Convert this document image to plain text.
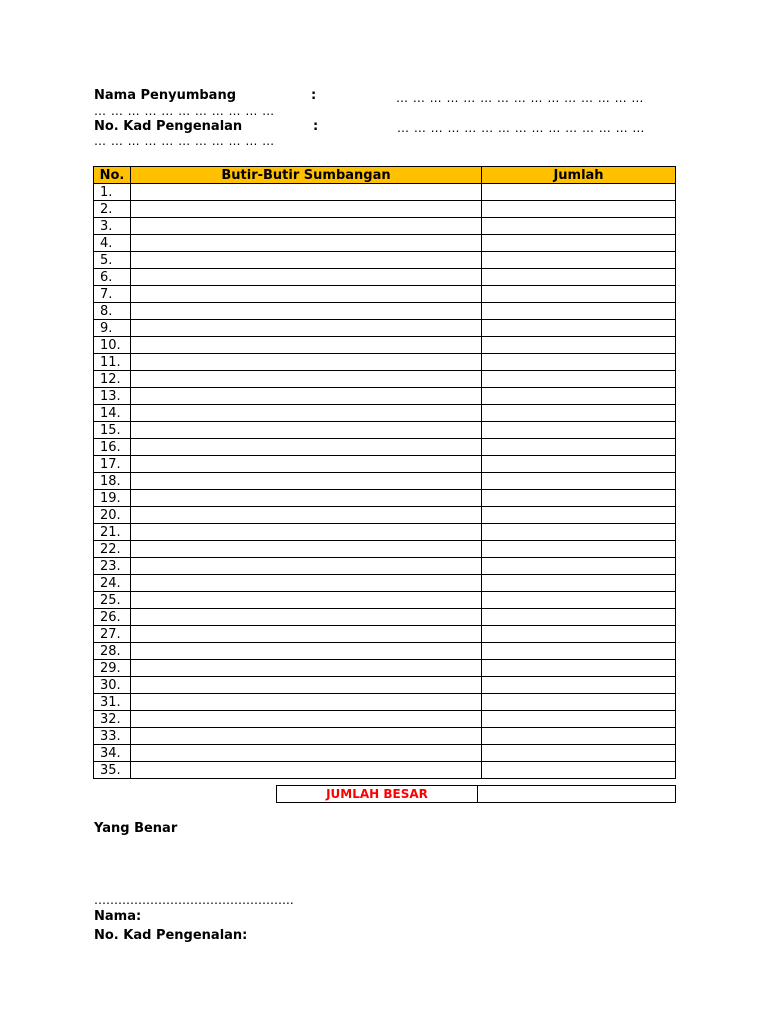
Nama Penyumbang	:	… … … … … … … … … … … … … … …
… … … … … … … … … … …
No. Kad Pengenalan	:	… … … … … … … … … … … … … … …
… … … … … … … … … … …
No.	Butir-Butir Sumbangan	Jumlah
1.		
2.		
3.		
4.		
5.		
6.		
7.		
8.		
9.		
10.		
11.		
12.		
13.		
14.		
15.		
16.		
17.		
18.		
19.		
20.		
21.		
22.		
23.		
24.		
25.		
26.		
27.		
28.		
29.		
30.		
31.		
32.		
33.		
34.		
35.		
JUMLAH BESAR	
Yang Benar
…………………………………………..
Nama:
No. Kad Pengenalan:
